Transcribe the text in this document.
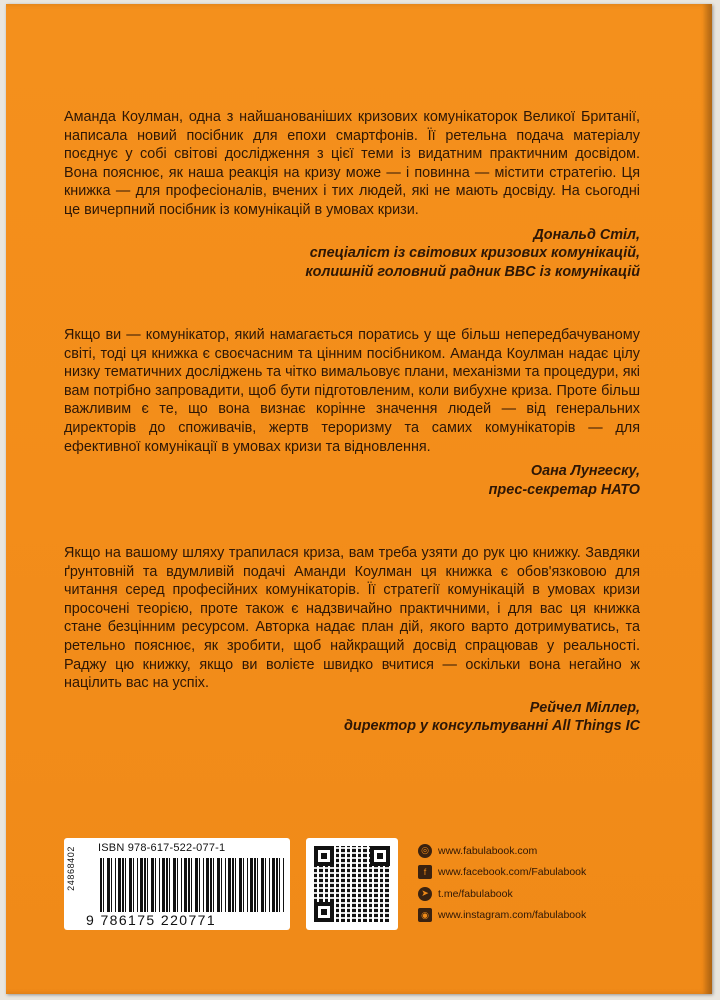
Аманда Коулман, одна з найшанованіших кризових комунікаторок Великої Британії, написала новий посібник для епохи смартфонів. Її ретельна подача матеріалу поєднує у собі світові дослідження з цієї теми із видатним практичним досвідом. Вона пояснює, як наша реакція на кризу може — і повинна — містити стратегію. Ця книжка — для професіоналів, вчених і тих людей, які не мають досвіду. На сьогодні це вичерпний посібник із комунікацій в умовах кризи.

Дональд Стіл,
спеціаліст із світових кризових комунікацій,
колишній головний радник BBC із комунікацій

Якщо ви — комунікатор, який намагається поратись у ще більш непередбачуваному світі, тоді ця книжка є своєчасним та цінним посібником. Аманда Коулман надає цілу низку тематичних досліджень та чітко вимальовує плани, механізми та процедури, які вам потрібно запровадити, щоб бути підготовленим, коли вибухне криза. Проте більш важливим є те, що вона визнає корінне значення людей — від генеральних директорів до споживачів, жертв тероризму та самих комунікаторів — для ефективної комунікації в умовах кризи та відновлення.

Оана Лунгеску,
прес-секретар НАТО

Якщо на вашому шляху трапилася криза, вам треба узяти до рук цю книжку. Завдяки ґрунтовній та вдумливій подачі Аманди Коулман ця книжка є обов'язковою для читання серед професійних комунікаторів. Її стратегії комунікацій в умовах кризи просочені теорією, проте також є надзвичайно практичними, і для вас ця книжка стане безцінним ресурсом. Авторка надає план дій, якого варто дотримуватись, та ретельно пояснює, як зробити, щоб найкращий досвід спрацював у реальності. Раджу цю книжку, якщо ви волієте швидко вчитися — оскільки вона негайно ж націлить вас на успіх.

Рейчел Міллер,
директор у консультуванні All Things IC
24868402 ISBN 978-617-522-077-1
9 786175 220771
◎ www.fabulabook.com
f	www.facebook.com/Fabulabook
➤ t.me/fabulabook
◉ www.instagram.com/fabulabook
